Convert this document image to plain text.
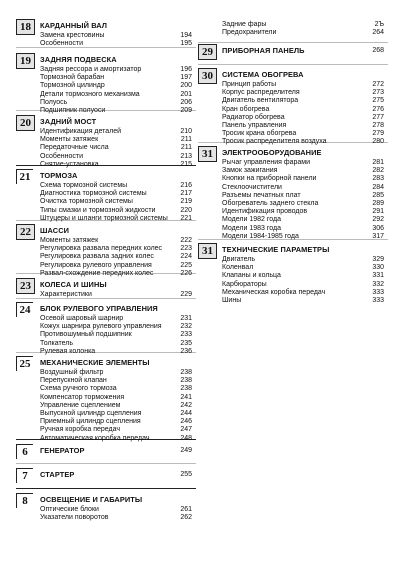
18	КАРДАННЫЙ ВАЛ
Замена крестовины	194
Особенности	195
19	ЗАДНЯЯ ПОДВЕСКА
Задняя рессора и амортизатор	196
Тормозной барабан	197
Тормозной цилиндр	200
Детали тормозного механизма	201
Полуось	206
Подшипник полуоси	209
20	ЗАДНИЙ МОСТ
Идентификация деталей	210
Моменты затяжек	211
Передаточные числа	211
Особенности	213
Снятие-установка	215
21	ТОРМОЗА
Схема тормозной системы	216
Диагностика тормозной системы	217
Очистка тормозной системы	219
Типы смазки и тормозной жидкости	220
Штуцеры и шланги тормозной системы 221
22	ШАССИ
Моменты затяжек	222
Регулировка развала передних колес	223
Регулировка развала задних колес	224
Регулировка рулевого управления	225
Развал-схождение передних колес	226
23	КОЛЕСА И ШИНЫ
Характеристики	229
24	БЛОК РУЛЕВОГО УПРАВЛЕНИЯ
Осевой шаровый шарнир	231
Кожух шарнира рулевого управления	232
Противошумный подшипник	233
Толкатель	235
Рулевая колонка	236
25	МЕХАНИЧЕСКИЕ ЭЛЕМЕНТЫ
Воздушный фильтр	238
Перепускной клапан	238
Схема ручного тормоза	238
Компенсатор торможения	241
Управление сцеплением	242
Выпускной цилиндр сцепления	244
Приемный цилиндр сцепления	246
Ручная коробка передач	247
Автоматическая коробка передач	248
6	ГЕНЕРАТОР	249
7	СТАРТЕР	255
8	ОСВЕЩЕНИЕ И ГАБАРИТЫ
Оптические блоки	261
Указатели поворотов	262
Задние фары	2Ъ
Предохранители	264
29	ПРИБОРНАЯ ПАНЕЛЬ	268
30	СИСТЕМА ОБОГРЕВА
Принцип работы	272
Корпус распределителя	273
Двигатель вентилятора	275
Кран обогрева	276
Радиатор обогрева	277
Панель управления	278
Тросик крана обогрева	279
Тросик распределителя воздуха	280
31	ЭЛЕКТРООБОРУДОВАНИЕ
Рычаг управления фарами	281
Замок зажигания	282
Кнопки на приборной панели	283
Стеклоочистители	284
Разъемы печатных плат	285
Обогреватель заднего стекла	289
Идентификация проводов	291
Модели 1982 года	292
Модели 1983 года	306
Модели 1984-1985 года	317
31	ТЕХНИЧЕСКИЕ ПАРАМЕТРЫ
Двигатель	329
Коленвал	330
Клапаны и кольца	331
Карбюраторы	332
Механическая коробка передач	333
Шины	333
